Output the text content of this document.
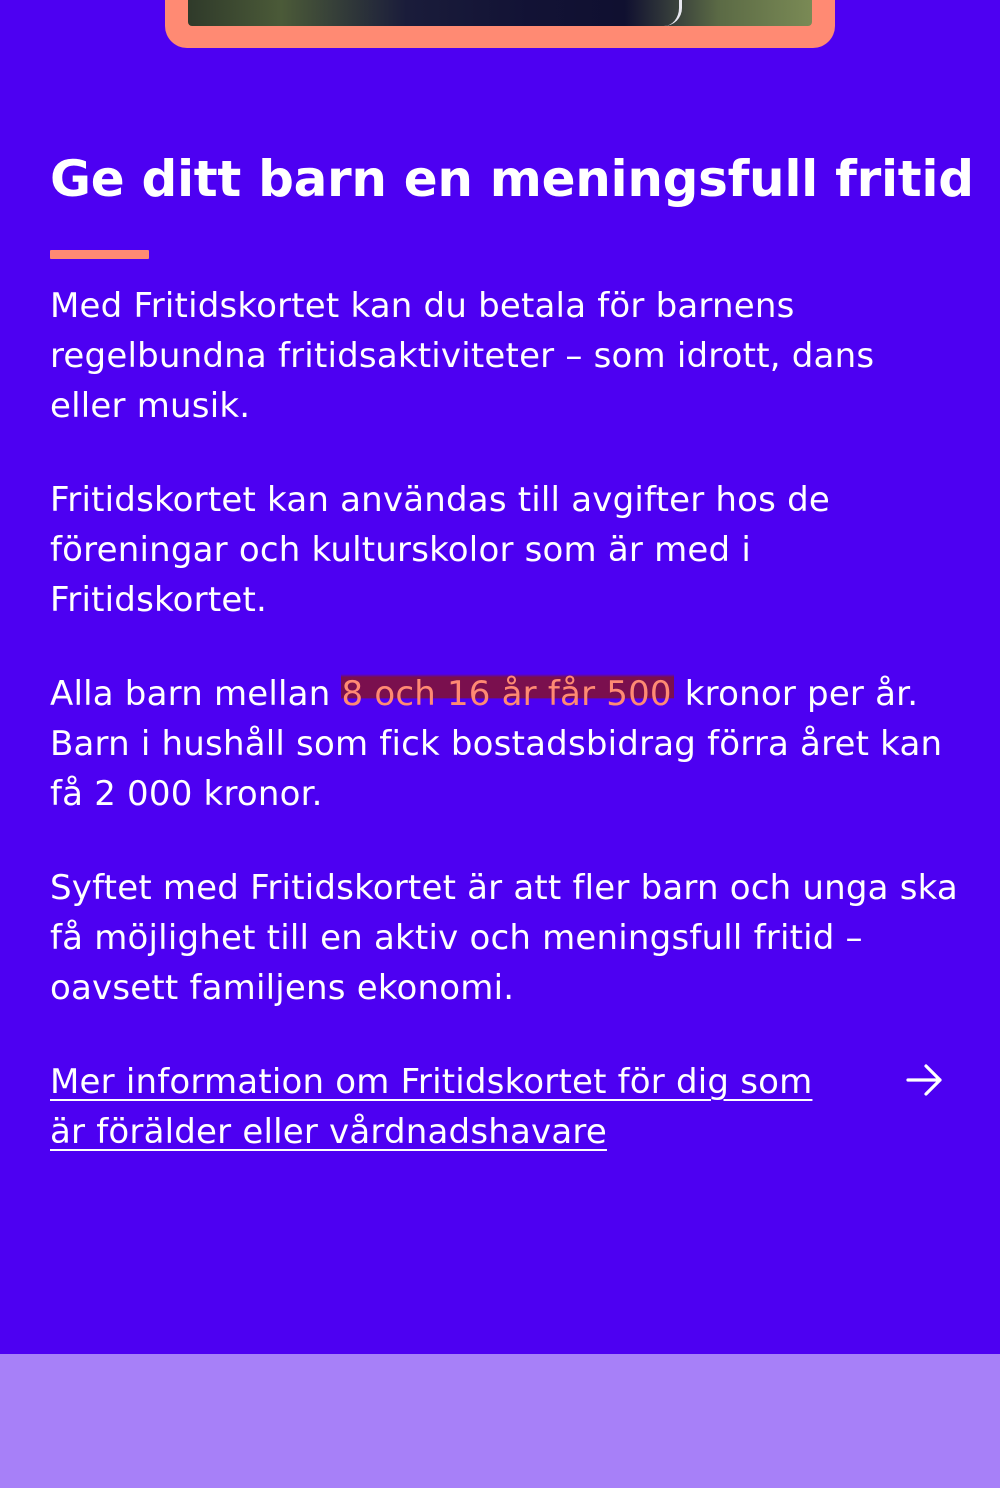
Ge ditt barn en meningsfull fritid

Med Fritidskortet kan du betala för barnens regelbundna fritidsaktiviteter – som idrott, dans eller musik.

Fritidskortet kan användas till avgifter hos de föreningar och kulturskolor som är med i Fritidskortet.

Alla barn mellan 8 och 16 år får 500 kronor per år. Barn i hushåll som fick bostadsbidrag förra året kan få 2 000 kronor.

Syftet med Fritidskortet är att fler barn och unga ska få möjlighet till en aktiv och meningsfull fritid – oavsett familjens ekonomi.

Mer information om Fritidskortet för dig som är förälder eller vårdnadshavare
